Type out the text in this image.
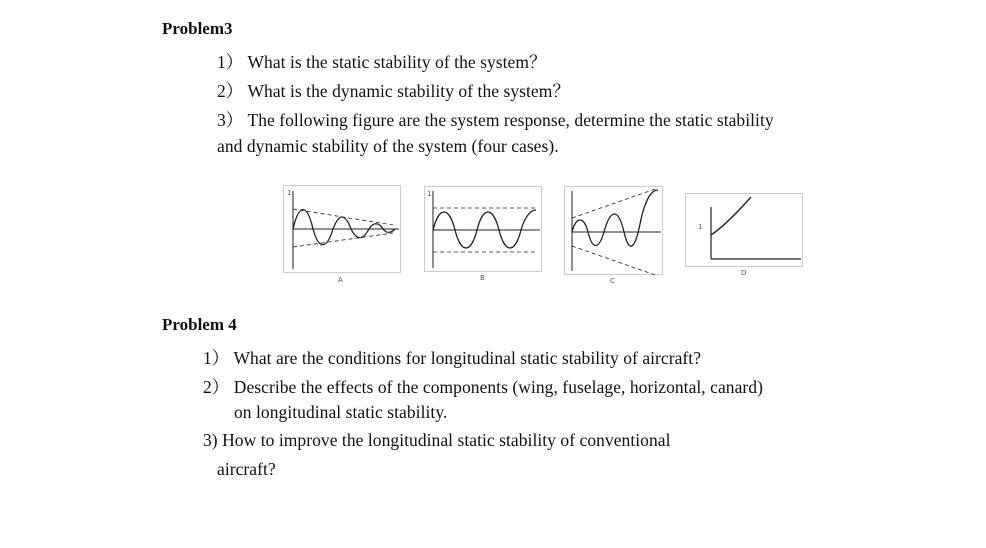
Problem3
1） What is the static stability of the system？
2） What is the dynamic stability of the system？
3） The following figure are the system response, determine the static stability
and dynamic stability of the system (four cases).
1
A
1
B	C
1
D
Problem 4
1） What are the conditions for longitudinal static stability of aircraft?
2） Describe the effects of the components (wing, fuselage, horizontal, canard)
on longitudinal static stability.
3) How to improve the longitudinal static stability of conventional
aircraft?
